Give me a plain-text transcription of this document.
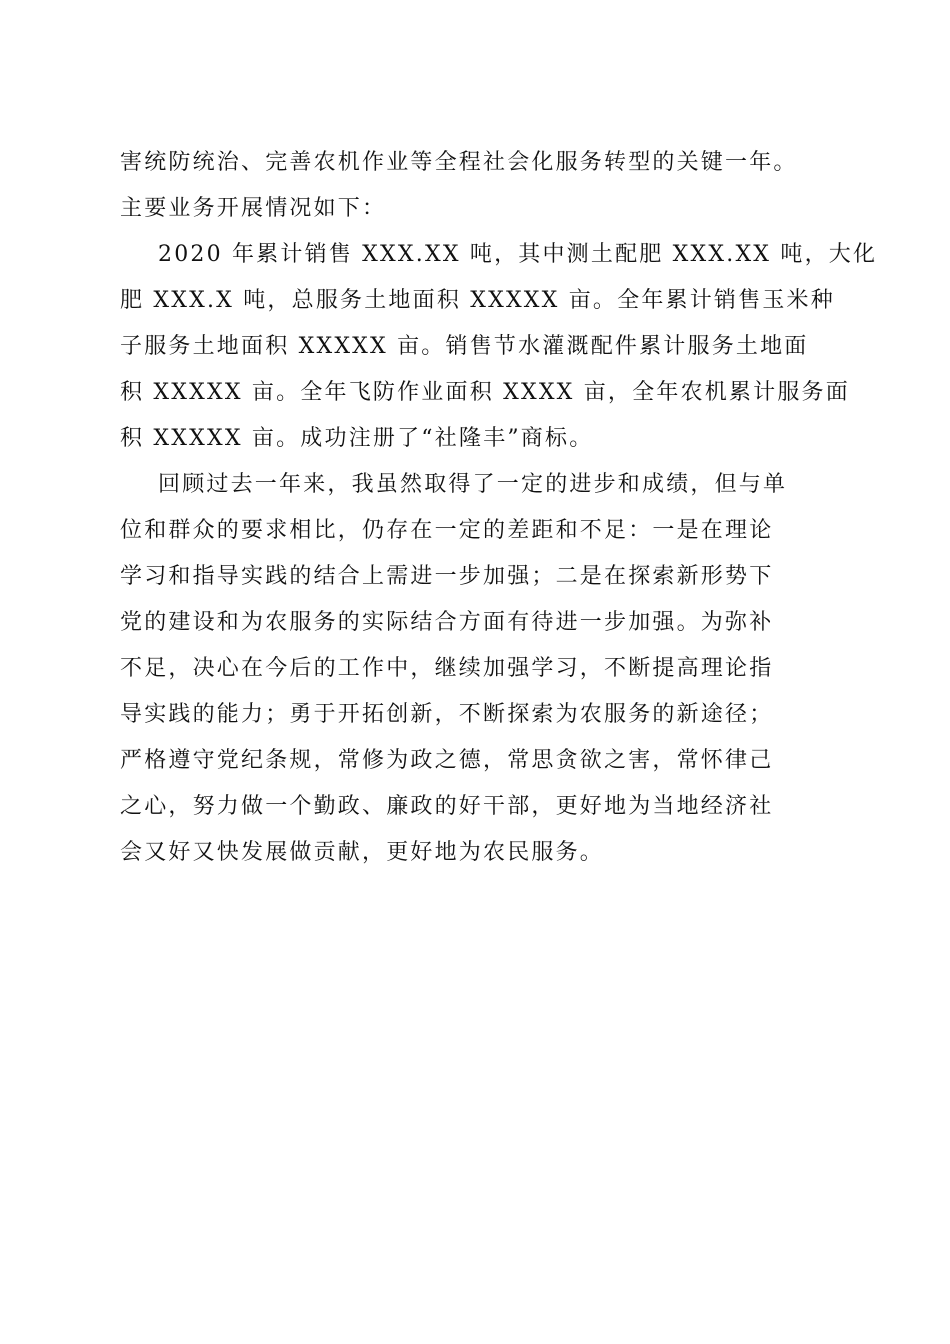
害统防统治、完善农机作业等全程社会化服务转型的关键一年。
主要业务开展情况如下：
2020 年累计销售 XXX.XX 吨，其中测土配肥 XXX.XX 吨，大化
肥 XXX.X 吨，总服务土地面积 XXXXX 亩。全年累计销售玉米种
子服务土地面积 XXXXX 亩。销售节水灌溉配件累计服务土地面
积 XXXXX 亩。全年飞防作业面积 XXXX 亩，全年农机累计服务面
积 XXXXX 亩。成功注册了“社隆丰”商标。
回顾过去一年来，我虽然取得了一定的进步和成绩，但与单
位和群众的要求相比，仍存在一定的差距和不足：一是在理论
学习和指导实践的结合上需进一步加强；二是在探索新形势下
党的建设和为农服务的实际结合方面有待进一步加强。为弥补
不足，决心在今后的工作中，继续加强学习，不断提高理论指
导实践的能力；勇于开拓创新，不断探索为农服务的新途径；
严格遵守党纪条规，常修为政之德，常思贪欲之害，常怀律己
之心，努力做一个勤政、廉政的好干部，更好地为当地经济社
会又好又快发展做贡献，更好地为农民服务。
